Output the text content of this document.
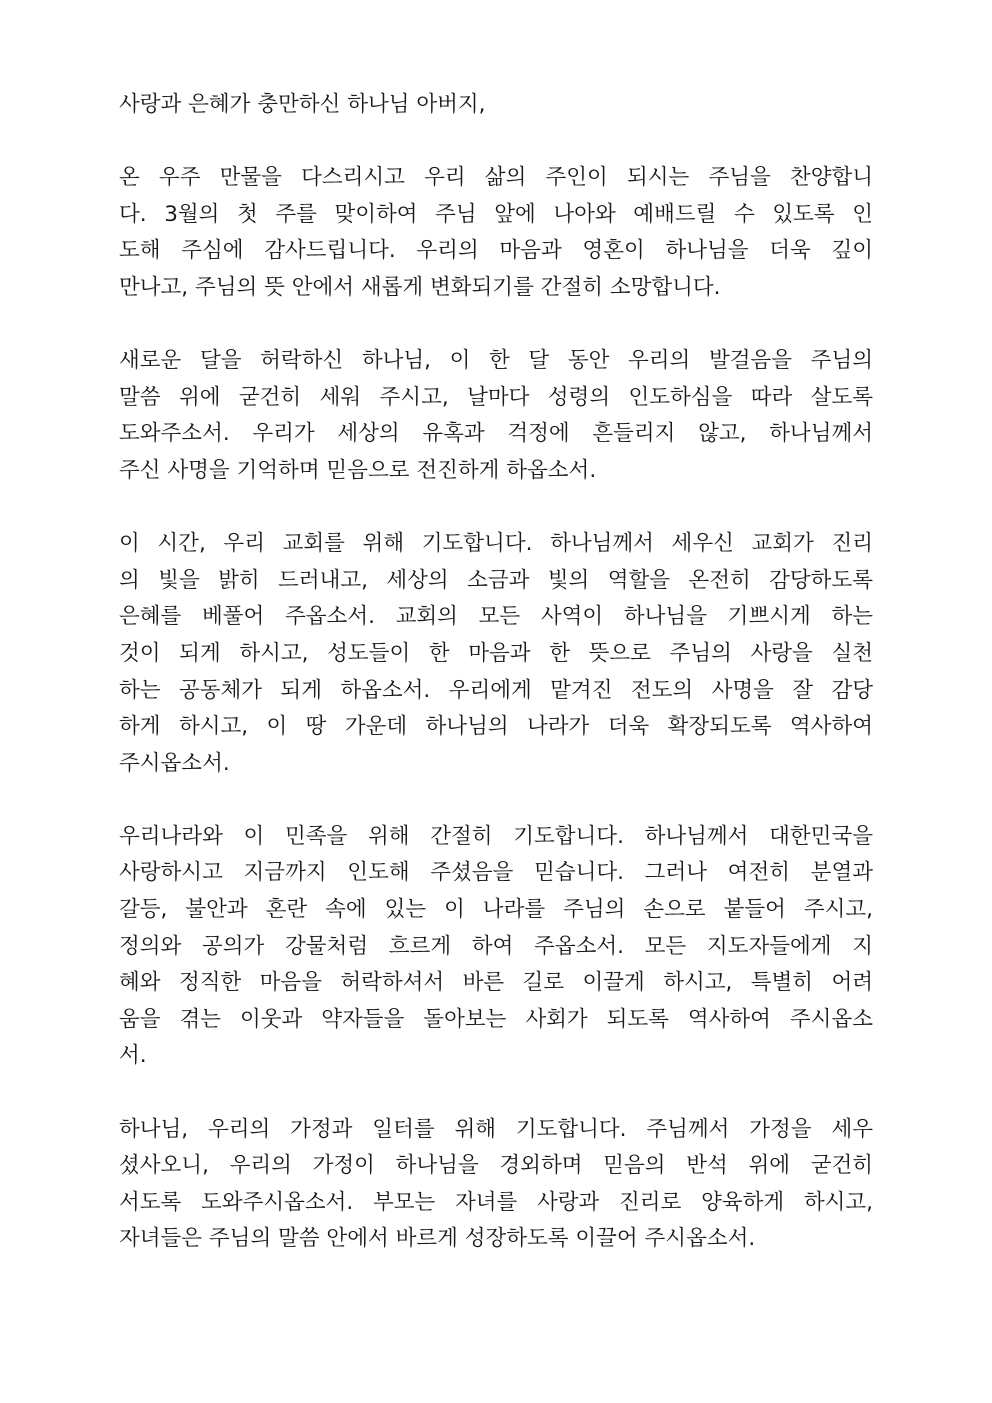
사랑과 은혜가 충만하신 하나님 아버지,
온 우주 만물을 다스리시고 우리 삶의 주인이 되시는 주님을 찬양합니
다. 3월의 첫 주를 맞이하여 주님 앞에 나아와 예배드릴 수 있도록 인
도해 주심에 감사드립니다. 우리의 마음과 영혼이 하나님을 더욱 깊이
만나고, 주님의 뜻 안에서 새롭게 변화되기를 간절히 소망합니다.
새로운 달을 허락하신 하나님, 이 한 달 동안 우리의 발걸음을 주님의
말씀 위에 굳건히 세워 주시고, 날마다 성령의 인도하심을 따라 살도록
도와주소서. 우리가 세상의 유혹과 걱정에 흔들리지 않고, 하나님께서
주신 사명을 기억하며 믿음으로 전진하게 하옵소서.
이 시간, 우리 교회를 위해 기도합니다. 하나님께서 세우신 교회가 진리
의 빛을 밝히 드러내고, 세상의 소금과 빛의 역할을 온전히 감당하도록
은혜를 베풀어 주옵소서. 교회의 모든 사역이 하나님을 기쁘시게 하는
것이 되게 하시고, 성도들이 한 마음과 한 뜻으로 주님의 사랑을 실천
하는 공동체가 되게 하옵소서. 우리에게 맡겨진 전도의 사명을 잘 감당
하게 하시고, 이 땅 가운데 하나님의 나라가 더욱 확장되도록 역사하여
주시옵소서.
우리나라와 이 민족을 위해 간절히 기도합니다. 하나님께서 대한민국을
사랑하시고 지금까지 인도해 주셨음을 믿습니다. 그러나 여전히 분열과
갈등, 불안과 혼란 속에 있는 이 나라를 주님의 손으로 붙들어 주시고,
정의와 공의가 강물처럼 흐르게 하여 주옵소서. 모든 지도자들에게 지
혜와 정직한 마음을 허락하셔서 바른 길로 이끌게 하시고, 특별히 어려
움을 겪는 이웃과 약자들을 돌아보는 사회가 되도록 역사하여 주시옵소
서.
하나님, 우리의 가정과 일터를 위해 기도합니다. 주님께서 가정을 세우
셨사오니, 우리의 가정이 하나님을 경외하며 믿음의 반석 위에 굳건히
서도록 도와주시옵소서. 부모는 자녀를 사랑과 진리로 양육하게 하시고,
자녀들은 주님의 말씀 안에서 바르게 성장하도록 이끌어 주시옵소서.
